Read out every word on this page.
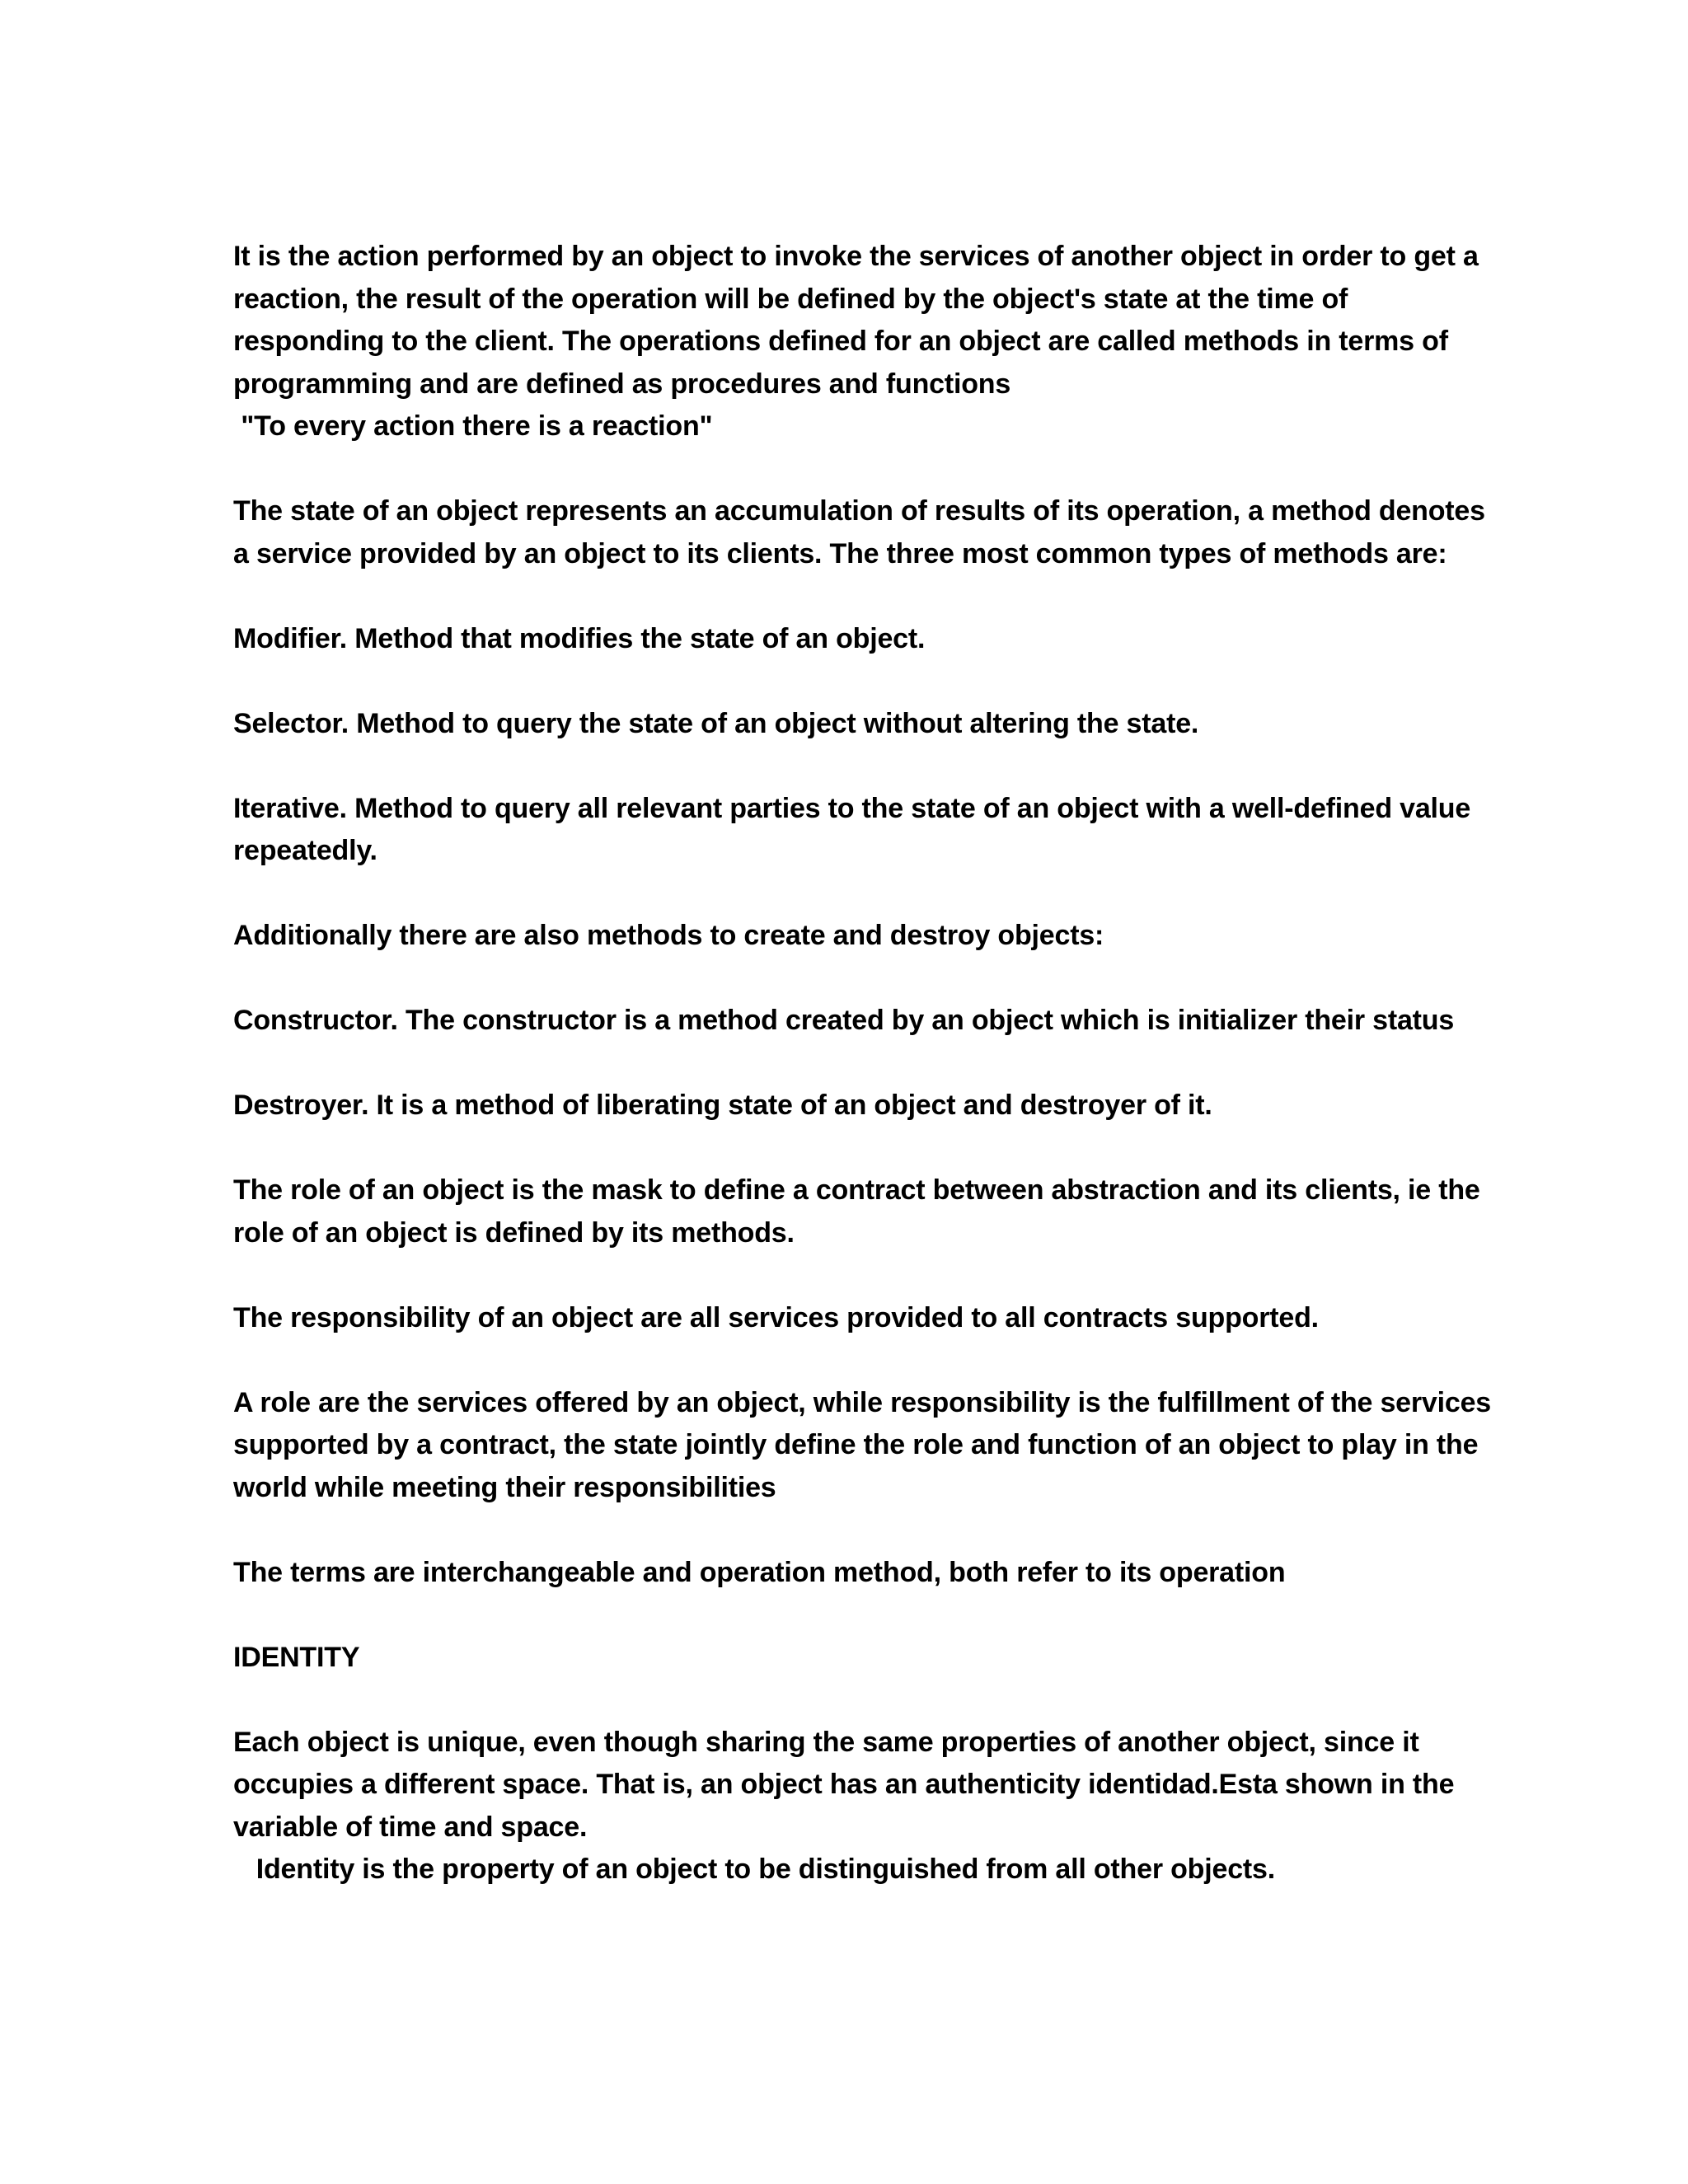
It is the action performed by an object to invoke the services of another object in order to get a
reaction, the result of the operation will be defined by the object's state at the time of
responding to the client. The operations defined for an object are called methods in terms of
programming and are defined as procedures and functions
"To every action there is a reaction"

The state of an object represents an accumulation of results of its operation, a method denotes
a service provided by an object to its clients. The three most common types of methods are:

Modifier. Method that modifies the state of an object.

Selector. Method to query the state of an object without altering the state.

Iterative. Method to query all relevant parties to the state of an object with a well-defined value
repeatedly.

Additionally there are also methods to create and destroy objects:

Constructor. The constructor is a method created by an object which is initializer their status

Destroyer. It is a method of liberating state of an object and destroyer of it.

The role of an object is the mask to define a contract between abstraction and its clients, ie the
role of an object is defined by its methods.

The responsibility of an object are all services provided to all contracts supported.

A role are the services offered by an object, while responsibility is the fulfillment of the services
supported by a contract, the state jointly define the role and function of an object to play in the
world while meeting their responsibilities

The terms are interchangeable and operation method, both refer to its operation

IDENTITY

Each object is unique, even though sharing the same properties of another object, since it
occupies a different space. That is, an object has an authenticity identidad.Esta shown in the
variable of time and space.
Identity is the property of an object to be distinguished from all other objects.
